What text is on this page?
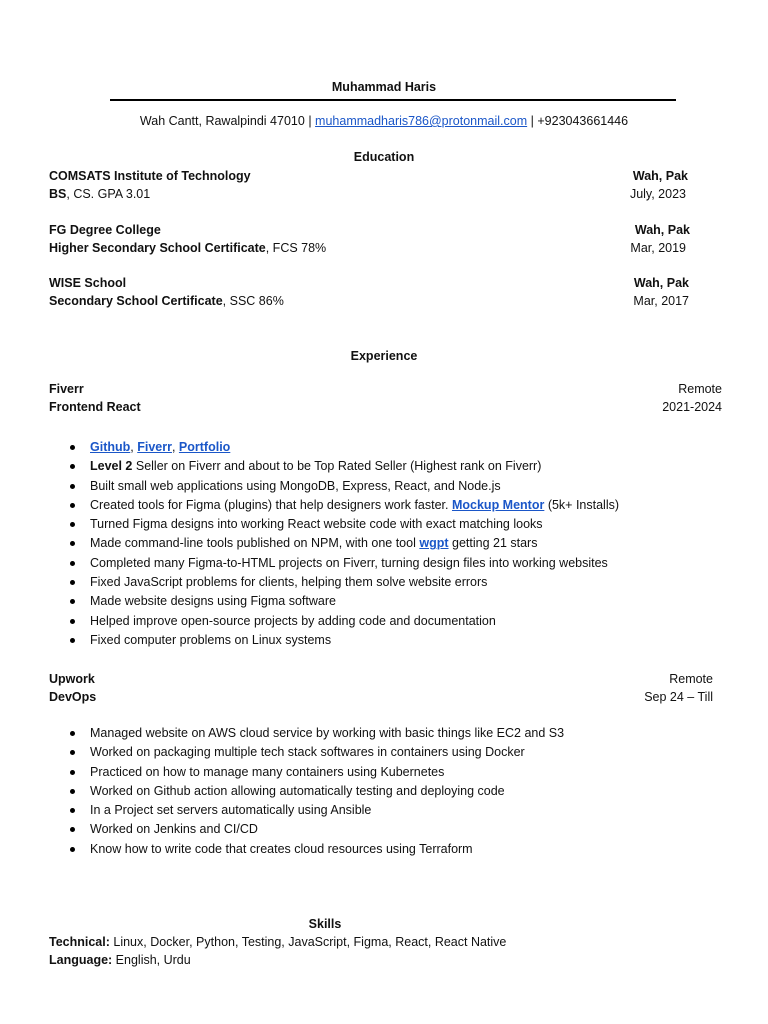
Muhammad Haris
Wah Cantt, Rawalpindi 47010 | muhammadharis786@protonmail.com | +923043661446
Education
COMSATS Institute of Technology	Wah, Pak
BS, CS. GPA 3.01	July, 2023
FG Degree College	Wah, Pak
Higher Secondary School Certificate, FCS 78%	Mar, 2019
WISE School	Wah, Pak
Secondary School Certificate, SSC 86%	Mar, 2017
Experience
Fiverr	Remote
Frontend React	2021-2024
Github, Fiverr, Portfolio
Level 2 Seller on Fiverr and about to be Top Rated Seller (Highest rank on Fiverr)
Built small web applications using MongoDB, Express, React, and Node.js
Created tools for Figma (plugins) that help designers work faster. Mockup Mentor (5k+ Installs)
Turned Figma designs into working React website code with exact matching looks
Made command-line tools published on NPM, with one tool wgpt getting 21 stars
Completed many Figma-to-HTML projects on Fiverr, turning design files into working websites
Fixed JavaScript problems for clients, helping them solve website errors
Made website designs using Figma software
Helped improve open-source projects by adding code and documentation
Fixed computer problems on Linux systems
Upwork	Remote
DevOps	Sep 24 – Till
Managed website on AWS cloud service by working with basic things like EC2 and S3
Worked on packaging multiple tech stack softwares in containers using Docker
Practiced on how to manage many containers using Kubernetes
Worked on Github action allowing automatically testing and deploying code
In a Project set servers automatically using Ansible
Worked on Jenkins and CI/CD
Know how to write code that creates cloud resources using Terraform
Skills
Technical: Linux, Docker, Python, Testing, JavaScript, Figma, React, React Native
Language: English, Urdu
